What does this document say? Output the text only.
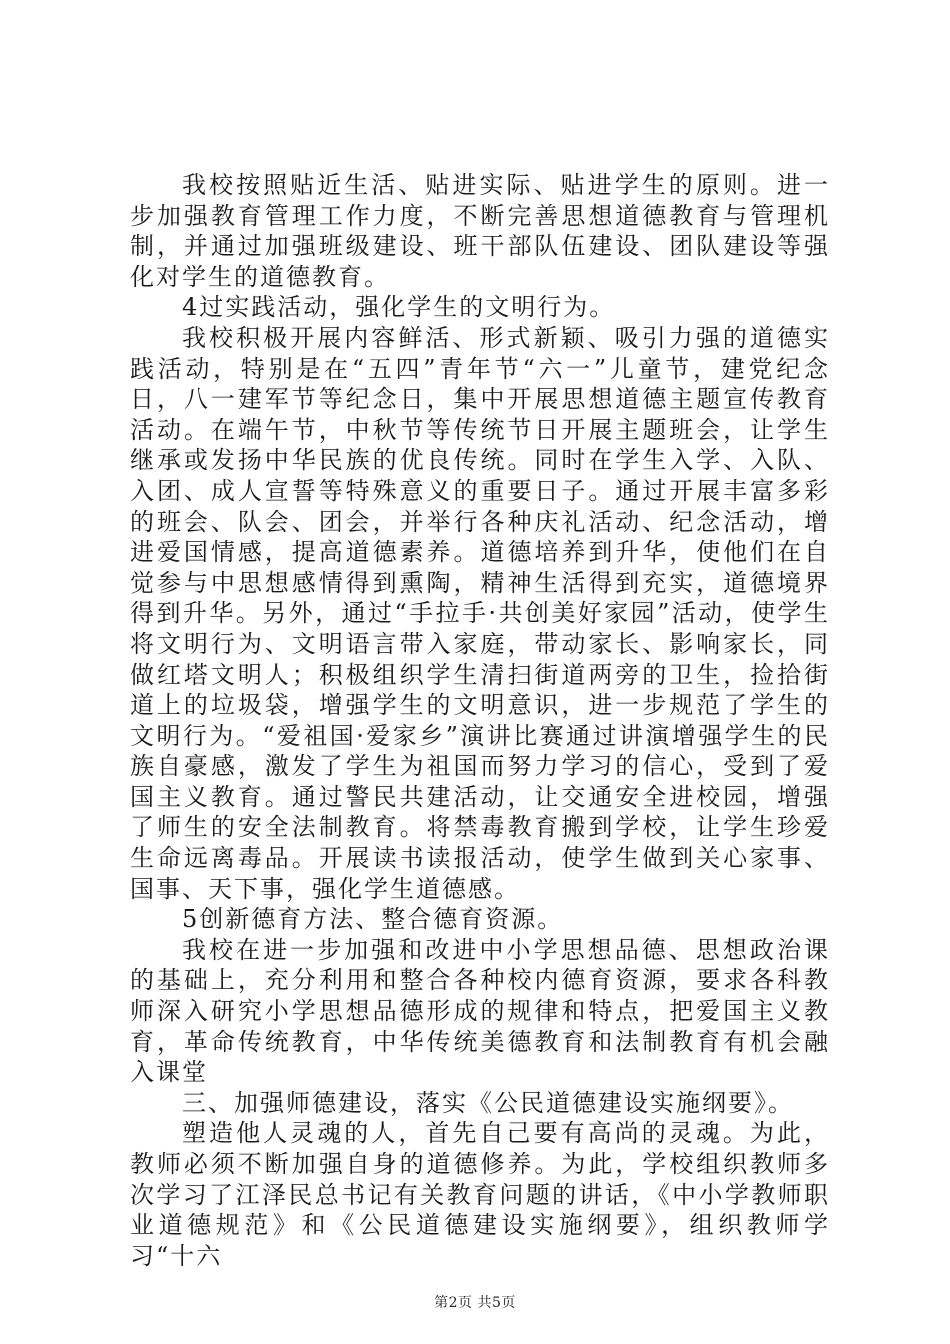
我校按照贴近生活、贴进实际、贴进学生的原则。进一步加强教育管理工作力度，不断完善思想道德教育与管理机制，并通过加强班级建设、班干部队伍建设、团队建设等强化对学生的道德教育。

4过实践活动，强化学生的文明行为。

我校积极开展内容鲜活、形式新颖、吸引力强的道德实践活动，特别是在“五四”青年节“六一”儿童节，建党纪念日，八一建军节等纪念日，集中开展思想道德主题宣传教育活动。在端午节，中秋节等传统节日开展主题班会，让学生继承或发扬中华民族的优良传统。同时在学生入学、入队、入团、成人宣誓等特殊意义的重要日子。通过开展丰富多彩的班会、队会、团会，并举行各种庆礼活动、纪念活动，增进爱国情感，提高道德素养。道德培养到升华，使他们在自觉参与中思想感情得到熏陶，精神生活得到充实，道德境界得到升华。另外，通过“手拉手·共创美好家园”活动，使学生将文明行为、文明语言带入家庭，带动家长、影响家长，同做红塔文明人；积极组织学生清扫街道两旁的卫生，捡拾街道上的垃圾袋，增强学生的文明意识，进一步规范了学生的文明行为。“爱祖国·爱家乡”演讲比赛通过讲演增强学生的民族自豪感，激发了学生为祖国而努力学习的信心，受到了爱国主义教育。通过警民共建活动，让交通安全进校园，增强了师生的安全法制教育。将禁毒教育搬到学校，让学生珍爱生命远离毒品。开展读书读报活动，使学生做到关心家事、国事、天下事，强化学生道德感。

5创新德育方法、整合德育资源。

我校在进一步加强和改进中小学思想品德、思想政治课的基础上，充分利用和整合各种校内德育资源，要求各科教师深入研究小学思想品德形成的规律和特点，把爱国主义教育，革命传统教育，中华传统美德教育和法制教育有机会融入课堂

三、加强师德建设，落实《公民道德建设实施纲要》。

塑造他人灵魂的人，首先自己要有高尚的灵魂。为此，教师必须不断加强自身的道德修养。为此，学校组织教师多次学习了江泽民总书记有关教育问题的讲话，《中小学教师职业道德规范》和《公民道德建设实施纲要》，组织教师学习“十六

第2页 共5页
